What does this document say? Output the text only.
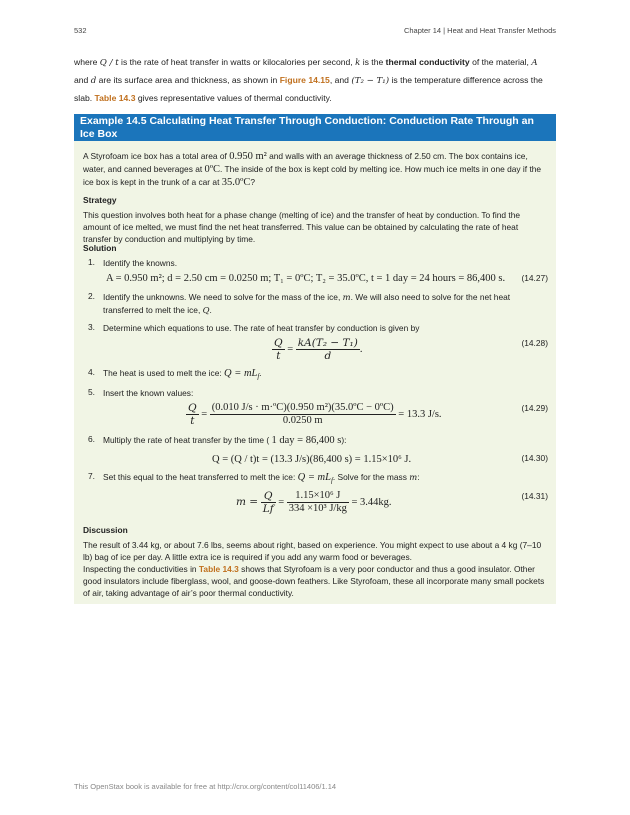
532	Chapter 14 | Heat and Heat Transfer Methods
where Q / t is the rate of heat transfer in watts or kilocalories per second, k is the thermal conductivity of the material, A
and d are its surface area and thickness, as shown in Figure 14.15, and (T₂ − T₁) is the temperature difference across the slab. Table 14.3 gives representative values of thermal conductivity.
Example 14.5 Calculating Heat Transfer Through Conduction: Conduction Rate Through an Ice Box
A Styrofoam ice box has a total area of 0.950 m² and walls with an average thickness of 2.50 cm. The box contains ice, water, and canned beverages at 0ºC. The inside of the box is kept cold by melting ice. How much ice melts in one day if the ice box is kept in the trunk of a car at 35.0ºC?
Strategy
This question involves both heat for a phase change (melting of ice) and the transfer of heat by conduction. To find the amount of ice melted, we must find the net heat transferred. This value can be obtained by calculating the rate of heat transfer by conduction and multiplying by time.
Solution
1. Identify the knowns.
A = 0.950 m²; d = 2.50 cm = 0.0250 m; T₁ = 0ºC; T₂ = 35.0ºC, t = 1 day = 24 hours = 86,400 s. (14.27)
2. Identify the unknowns. We need to solve for the mass of the ice, m. We will also need to solve for the net heat transferred to melt the ice, Q.
3. Determine which equations to use. The rate of heat transfer by conduction is given by
$\frac{Q}{t} = \frac{\text{kA(T₂ − T₁)}}{d}$ .
(14.28)
4. The heat is used to melt the ice: $Q = mL_f$.
5. Insert the known values:
$\frac{Q}{t} = \frac{\text{(0.010 J/s · m·ºC)(0.950 m²)(35.0ºC − 0ºC)}}{0.0250 m} = 13.3$ J/s.
(14.29)
6. Multiply the rate of heat transfer by the time ( 1 day = 86,400 s):
Q = (Q / t)t = (13.3 J/s)(86,400 s) = 1.15×10⁶ J.	(14.30)
7. Set this equal to the heat transferred to melt the ice: $Q = mL_f$. Solve for the mass m:
$m = \frac{Q}{Lf} = \frac{\text{1.15×10⁶ J}}{\text{334 ×10³ J/kg}} = 3.44kg$.
(14.31)
Discussion
The result of 3.44 kg, or about 7.6 lbs, seems about right, based on experience. You might expect to use about a 4 kg (7–10 lb) bag of ice per day. A little extra ice is required if you add any warm food or beverages.
Inspecting the conductivities in Table 14.3 shows that Styrofoam is a very poor conductor and thus a good insulator. Other good insulators include fiberglass, wool, and goose-down feathers. Like Styrofoam, these all incorporate many small pockets of air, taking advantage of air’s poor thermal conductivity.
This OpenStax book is available for free at http://cnx.org/content/col11406/1.14
